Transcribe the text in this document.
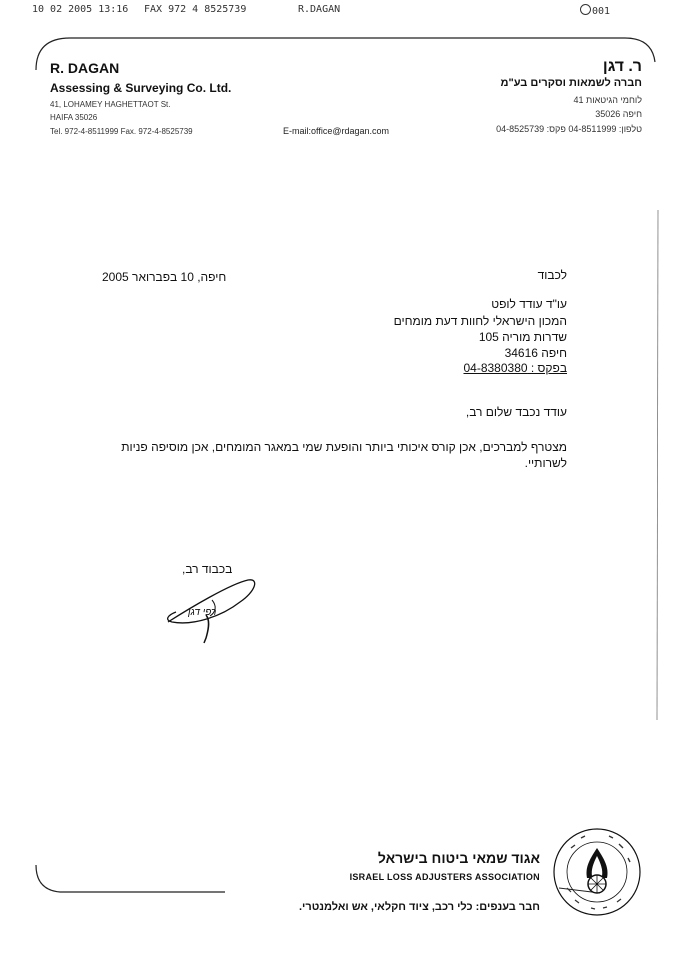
10 02 2005 13:16 FAX 972 4 8525739	R.DAGAN	001
R. DAGAN
Assessing & Surveying Co. Ltd.
41, LOHAMEY HAGHETTAOT St.
HAIFA 35026
Tel. 972-4-8511999 Fax. 972-4-8525739	E-mail:office@rdagan.com
ר. דגן
חברה לשמאות וסקרים בע"מ
לוחמי הגיטאות 41
חיפה 35026
טלפון: 04-8511999 פקס: 04-8525739
חיפה, 10 בפברואר 2005	לכבוד
עו"ד עודד לופט
המכון הישראלי לחוות דעת מומחים
שדרות מוריה 105
חיפה 34616
בפקס : 04-8380380
עודד נכבד שלום רב,
מצטרף למברכים, אכן קורס איכותי ביותר והופעת שמי במאגר המומחים, אכן מוסיפה פניות
לשרותיי.
בכבוד רב,
רפי דגן
אגוד שמאי ביטוח בישראל
ISRAEL LOSS ADJUSTERS ASSOCIATION
חבר בענפים: כלי רכב, ציוד חקלאי, אש ואלמנטרי.
